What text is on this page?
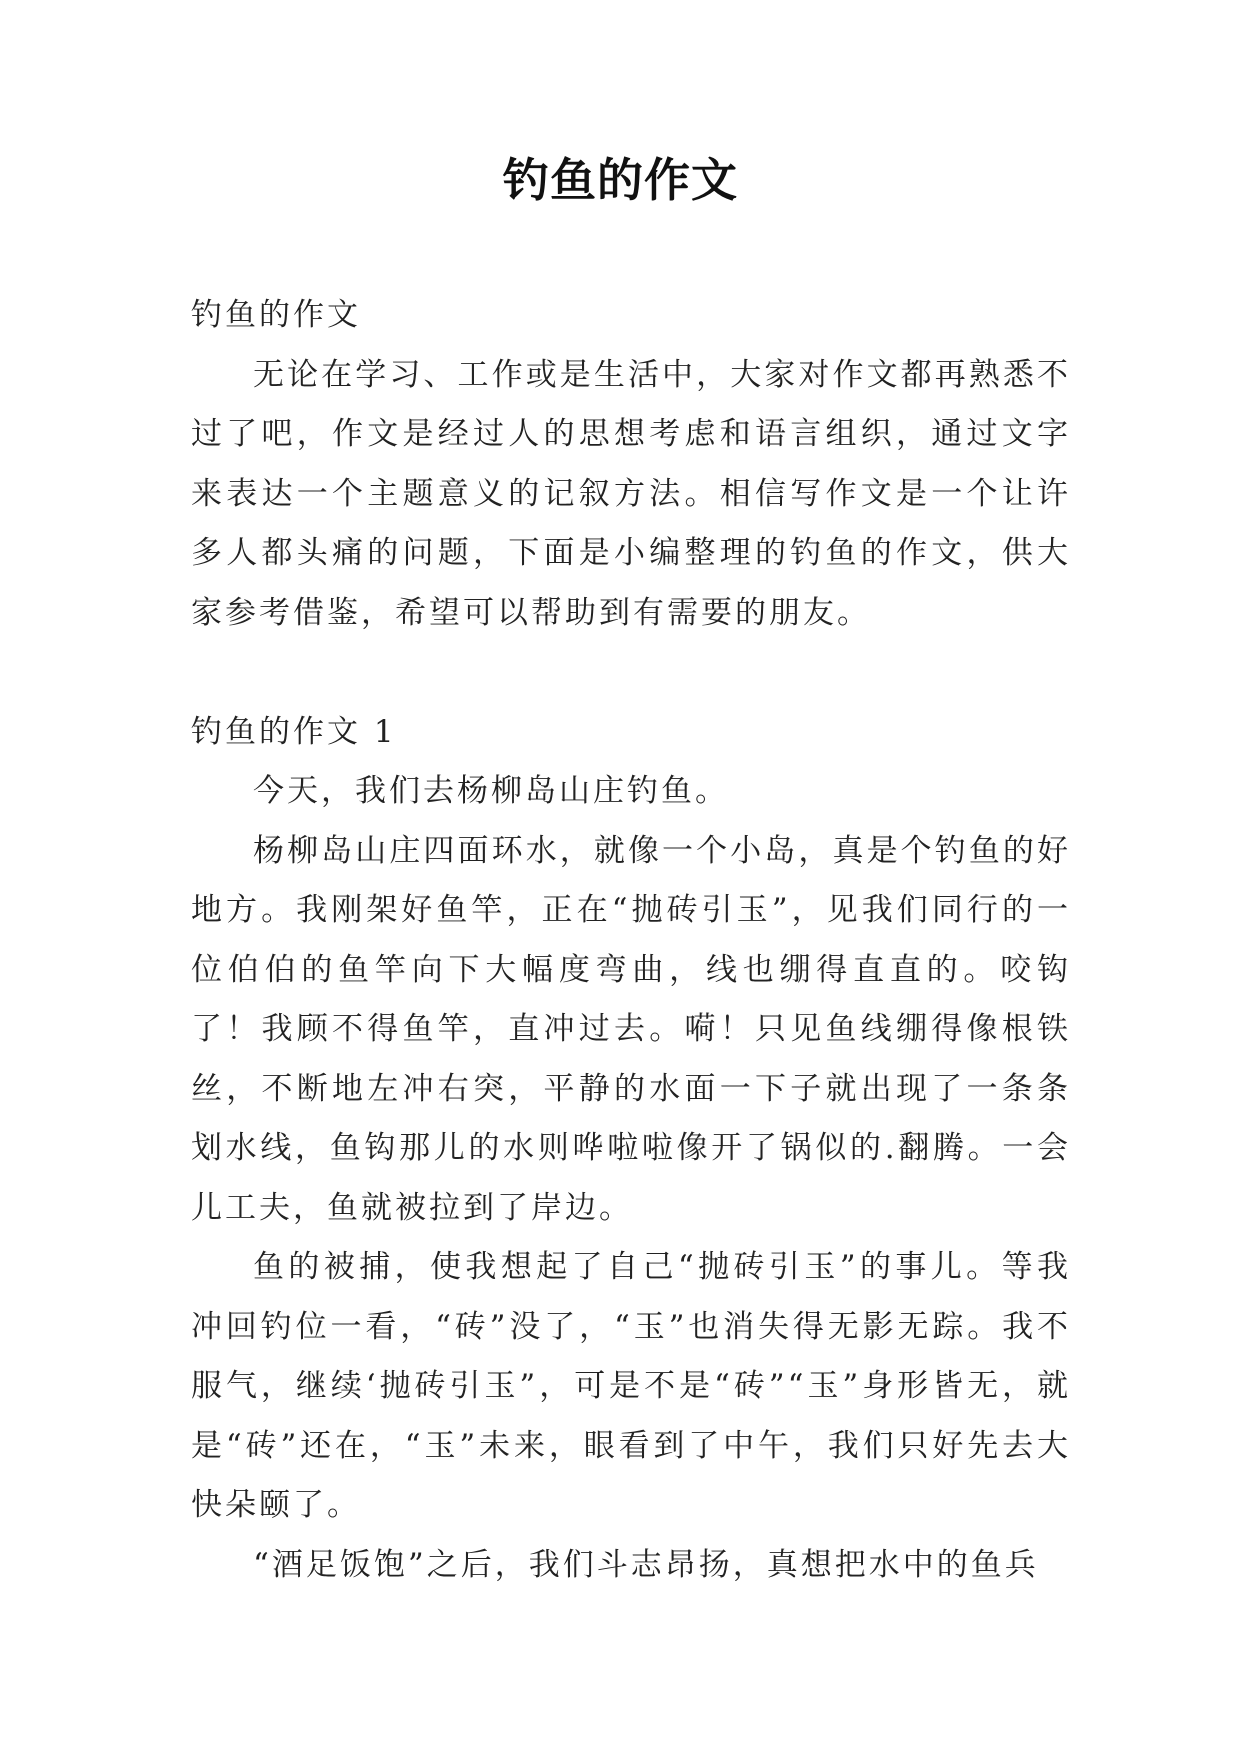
钓鱼的作文

钓鱼的作文

无论在学习、工作或是生活中，大家对作文都再熟悉不过了吧，作文是经过人的思想考虑和语言组织，通过文字来表达一个主题意义的记叙方法。相信写作文是一个让许多人都头痛的问题，下面是小编整理的钓鱼的作文，供大家参考借鉴，希望可以帮助到有需要的朋友。

钓鱼的作文 1

今天，我们去杨柳岛山庄钓鱼。

杨柳岛山庄四面环水，就像一个小岛，真是个钓鱼的好地方。我刚架好鱼竿，正在“抛砖引玉”，见我们同行的一位伯伯的鱼竿向下大幅度弯曲，线也绷得直直的。咬钩了！我顾不得鱼竿，直冲过去。嗬！只见鱼线绷得像根铁丝，不断地左冲右突，平静的水面一下子就出现了一条条划水线，鱼钩那儿的水则哗啦啦像开了锅似的.翻腾。一会儿工夫，鱼就被拉到了岸边。

鱼的被捕，使我想起了自己“抛砖引玉”的事儿。等我冲回钓位一看，“砖”没了，“玉”也消失得无影无踪。我不服气，继续‘抛砖引玉”，可是不是“砖”“玉”身形皆无，就是“砖”还在，“玉”未来，眼看到了中午，我们只好先去大快朵颐了。

“酒足饭饱”之后，我们斗志昂扬，真想把水中的鱼兵
